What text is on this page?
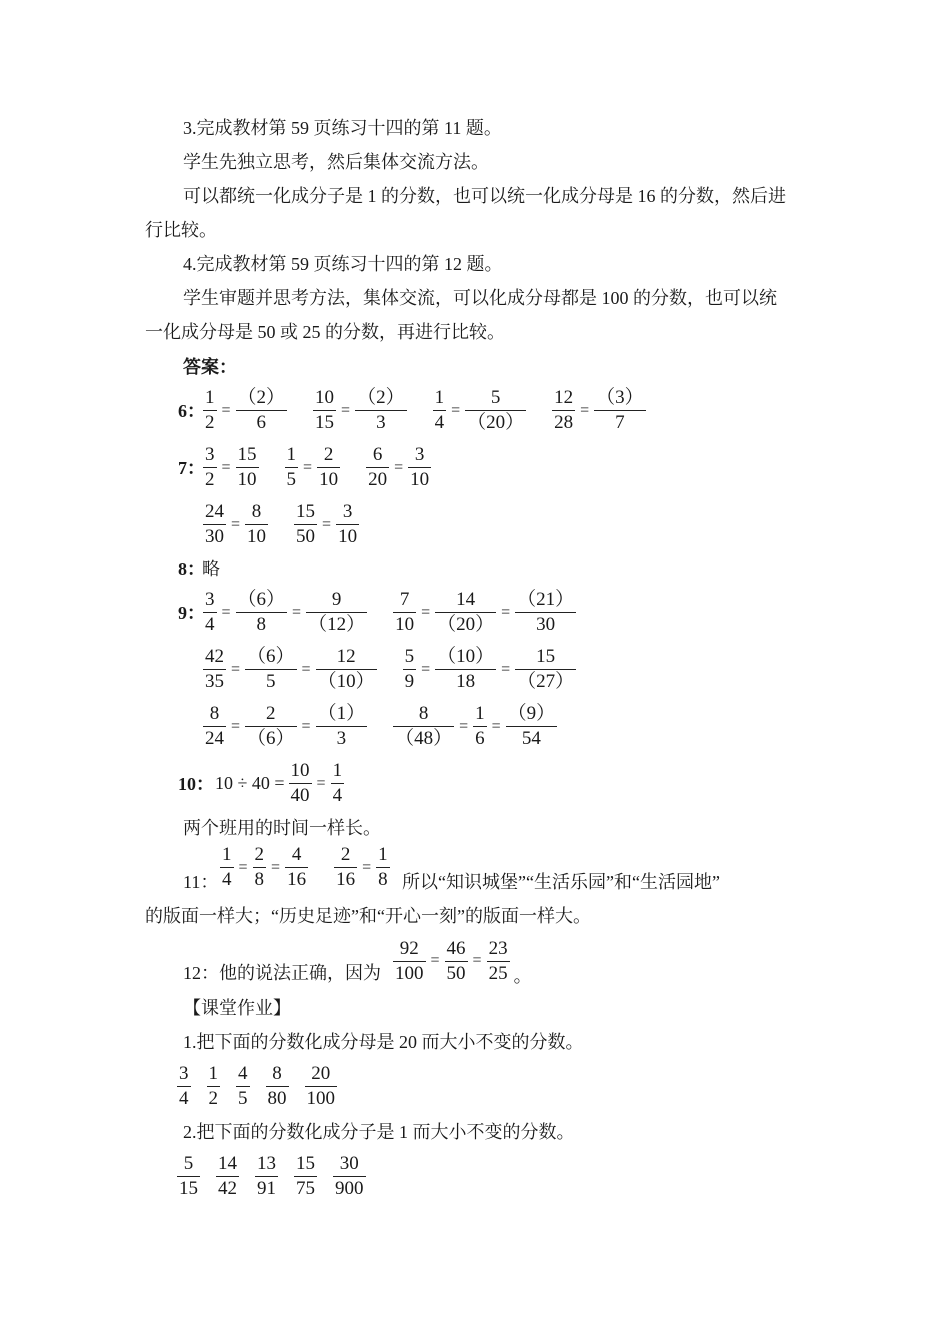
3.完成教材第 59 页练习十四的第 11 题。
学生先独立思考，然后集体交流方法。
可以都统一化成分子是 1 的分数，也可以统一化成分母是 16 的分数，然后进
行比较。
4.完成教材第 59 页练习十四的第 12 题。
学生审题并思考方法，集体交流，可以化成分母都是 100 的分数，也可以统
一化成分母是 50 或 25 的分数，再进行比较。
答案：
6：
$\frac{1}{2} = \frac{(2)}{6} \frac{10}{15} = \frac{(2)}{3} \frac{1}{4} = \frac{5}{(20)} \frac{12}{28} = \frac{(3)}{7}$
7：
$\frac{3}{2} = \frac{15}{10} \frac{1}{5} = \frac{2}{10} \frac{6}{20} = \frac{3}{10}$
$\frac{24}{30} = \frac{8}{10} \frac{15}{50} = \frac{3}{10}$
8：
略
9：
$\frac{3}{4} = \frac{(6)}{8} = \frac{9}{(12)} \frac{7}{10} = \frac{14}{(20)} = \frac{(21)}{30}$
$\frac{42}{35} = \frac{(6)}{5} = \frac{12}{(10)} \frac{5}{9} = \frac{(10)}{18} = \frac{15}{(27)}$
$\frac{8}{24} = \frac{2}{(6)} = \frac{(1)}{3} \frac{8}{(48)} = \frac{1}{6} = \frac{(9)}{54}$
10： $10 \div 40 = \frac{10}{40} = \frac{1}{4}$
两个班用的时间一样长。
11： $\frac{1}{4} = \frac{2}{8} = \frac{4}{16} \frac{2}{16} = \frac{1}{8}$ 所以“知识城堡”“生活乐园”和“生活园地”
的版面一样大；“历史足迹”和“开心一刻”的版面一样大。
12：他的说法正确，因为 $\frac{92}{100} = \frac{46}{50} = \frac{23}{25}$ 。
【课堂作业】
1.把下面的分数化成分母是 20 而大小不变的分数。
$\frac{3}{4} \frac{1}{2} \frac{4}{5} \frac{8}{80} \frac{20}{100}$
2.把下面的分数化成分子是 1 而大小不变的分数。
$\frac{5}{15} \frac{14}{42} \frac{13}{91} \frac{15}{75} \frac{30}{900}$
